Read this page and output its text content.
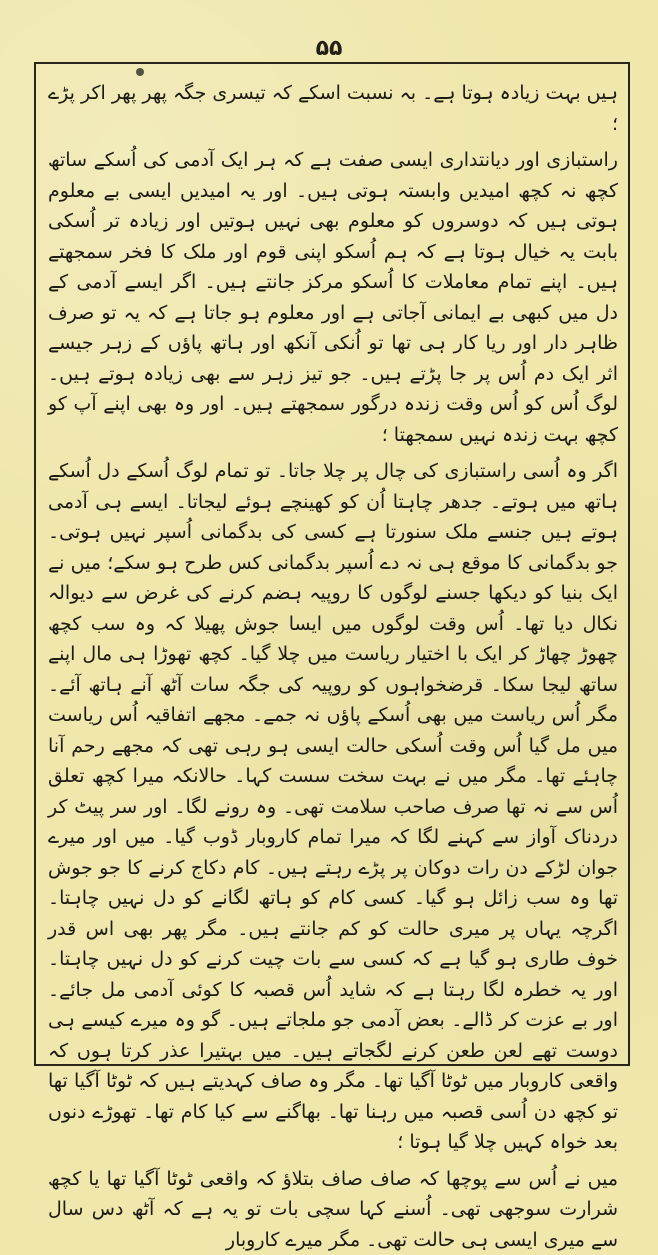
۵۵

ہیں بہت زیادہ ہوتا ہے۔ بہ نسبت اسکے کہ تیسری جگہ پھر پھر اکر پڑے ؛

راستبازی اور دیانتداری ایسی صفت ہے کہ ہر ایک آدمی کی اُسکے ساتھ کچھ نہ کچھ امیدیں وابستہ ہوتی ہیں۔ اور یہ امیدیں ایسی بے معلوم ہوتی ہیں کہ دوسروں کو معلوم بھی نہیں ہوتیں اور زیادہ تر اُسکی بابت یہ خیال ہوتا ہے کہ ہم اُسکو اپنی قوم اور ملک کا فخر سمجھتے ہیں۔ اپنے تمام معاملات کا اُسکو مرکز جانتے ہیں۔ اگر ایسے آدمی کے دل میں کبھی بے ایمانی آجاتی ہے اور معلوم ہو جاتا ہے کہ یہ تو صرف ظاہر دار اور ریا کار ہی تھا تو اُنکی آنکھ اور ہاتھ پاؤں کے زہر جیسے اثر ایک دم اُس پر جا پڑتے ہیں۔ جو تیز زہر سے بھی زیادہ ہوتے ہیں۔ لوگ اُس کو اُس وقت زندہ درگور سمجھتے ہیں۔ اور وہ بھی اپنے آپ کو کچھ بہت زندہ نہیں سمجھتا ؛

اگر وہ اُسی راستبازی کی چال پر چلا جاتا۔ تو تمام لوگ اُسکے دل اُسکے ہاتھ میں ہوتے۔ جدھر چاہتا اُن کو کھینچے ہوئے لیجاتا۔ ایسے ہی آدمی ہوتے ہیں جنسے ملک سنورتا ہے کسی کی بدگمانی اُسپر نہیں ہوتی۔ جو بدگمانی کا موقع ہی نہ دے اُسپر بدگمانی کس طرح ہو سکے؛ میں نے ایک بنیا کو دیکھا جسنے لوگوں کا روپیہ ہضم کرنے کی غرض سے دیوالہ نکال دیا تھا۔ اُس وقت لوگوں میں ایسا جوش پھیلا کہ وہ سب کچھ چھوڑ چھاڑ کر ایک با اختیار ریاست میں چلا گیا۔ کچھ تھوڑا ہی مال اپنے ساتھ لیجا سکا۔ قرضخواہوں کو روپیہ کی جگہ سات آٹھ آنے ہاتھ آئے۔ مگر اُس ریاست میں بھی اُسکے پاؤں نہ جمے۔ مجھے اتفاقیہ اُس ریاست میں مل گیا اُس وقت اُسکی حالت ایسی ہو رہی تھی کہ مجھے رحم آنا چاہئے تھا۔ مگر میں نے بہت سخت سست کہا۔ حالانکہ میرا کچھ تعلق اُس سے نہ تھا صرف صاحب سلامت تھی۔ وہ رونے لگا۔ اور سر پیٹ کر دردناک آواز سے کہنے لگا کہ میرا تمام کاروبار ڈوب گیا۔ میں اور میرے جوان لڑکے دن رات دوکان پر پڑے رہتے ہیں۔ کام دکاج کرنے کا جو جوش تھا وہ سب زائل ہو گیا۔ کسی کام کو ہاتھ لگانے کو دل نہیں چاہتا۔ اگرچہ یہاں پر میری حالت کو کم جانتے ہیں۔ مگر پھر بھی اس قدر خوف طاری ہو گیا ہے کہ کسی سے بات چیت کرنے کو دل نہیں چاہتا۔ اور یہ خطرہ لگا رہتا ہے کہ شاید اُس قصبہ کا کوئی آدمی مل جائے۔ اور بے عزت کر ڈالے۔ بعض آدمی جو ملجاتے ہیں۔ گو وہ میرے کیسے ہی دوست تھے لعن طعن کرنے لگجاتے ہیں۔ میں بہتیرا عذر کرتا ہوں کہ واقعی کاروبار میں ٹوٹا آگیا تھا۔ مگر وہ صاف کہدیتے ہیں کہ ٹوٹا آگیا تھا تو کچھ دن اُسی قصبہ میں رہنا تھا۔ بھاگنے سے کیا کام تھا۔ تھوڑے دنوں بعد خواہ کہیں چلا گیا ہوتا ؛

میں نے اُس سے پوچھا کہ صاف صاف بتلاؤ کہ واقعی ٹوٹا آگیا تھا یا کچھ شرارت سوجھی تھی۔ اُسنے کہا سچی بات تو یہ ہے کہ آٹھ دس سال سے میری ایسی ہی حالت تھی۔ مگر میرے کاروبار
